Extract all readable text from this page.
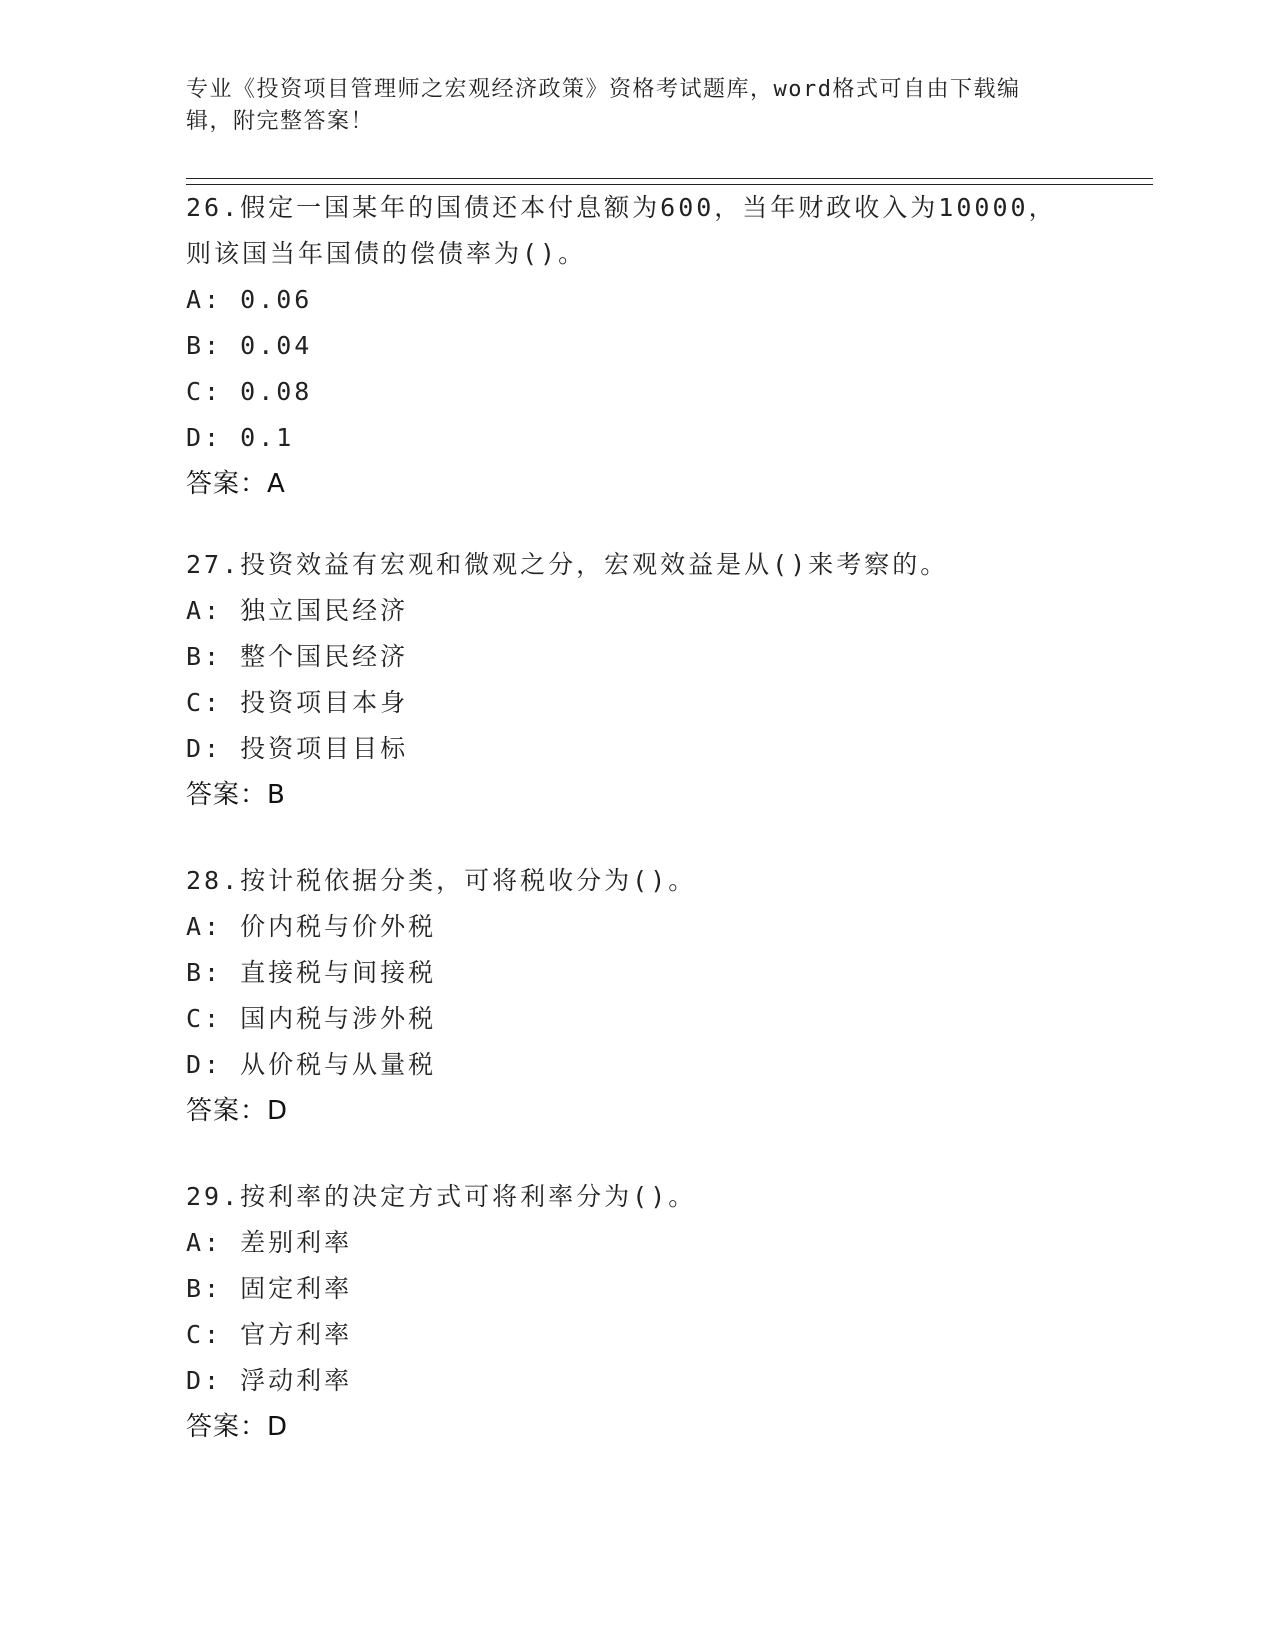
专业《投资项目管理师之宏观经济政策》资格考试题库，word格式可自由下载编
辑，附完整答案！
26.假定一国某年的国债还本付息额为600，当年财政收入为10000，
则该国当年国债的偿债率为()。
A: 0.06
B: 0.04
C: 0.08
D: 0.1
答案：A
27.投资效益有宏观和微观之分，宏观效益是从()来考察的。
A: 独立国民经济
B: 整个国民经济
C: 投资项目本身
D: 投资项目目标
答案：B
28.按计税依据分类，可将税收分为()。
A: 价内税与价外税
B: 直接税与间接税
C: 国内税与涉外税
D: 从价税与从量税
答案：D
29.按利率的决定方式可将利率分为()。
A: 差别利率
B: 固定利率
C: 官方利率
D: 浮动利率
答案：D
